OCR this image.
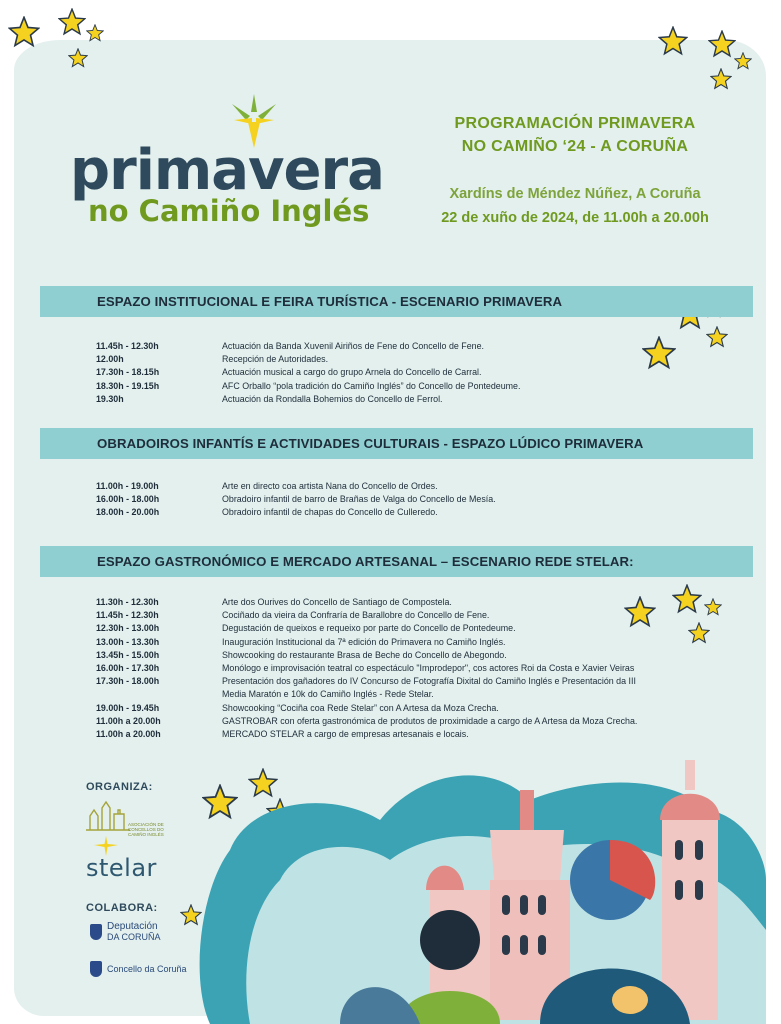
primavera
no Camiño Inglés
PROGRAMACIÓN PRIMAVERA
NO CAMIÑO ‘24 - A CORUÑA
Xardíns de Méndez Núñez, A Coruña
22 de xuño de 2024, de 11.00h a 20.00h
ESPAZO INSTITUCIONAL E FEIRA TURÍSTICA - ESCENARIO PRIMAVERA
11.45h - 12.30h	Actuación da Banda Xuvenil Airiños de Fene do Concello de Fene.
12.00h	Recepción de Autoridades.
17.30h - 18.15h	Actuación musical a cargo do grupo Arnela do Concello de Carral.
18.30h - 19.15h	AFC Orballo “pola tradición do Camiño Inglés” do Concello de Pontedeume.
19.30h	Actuación da Rondalla Bohemios do Concello de Ferrol.
OBRADOIROS INFANTÍS E ACTIVIDADES CULTURAIS - ESPAZO LÚDICO PRIMAVERA
11.00h - 19.00h	Arte en directo coa artista Nana do Concello de Ordes.
16.00h - 18.00h	Obradoiro infantil de barro de Brañas de Valga do Concello de Mesía.
18.00h - 20.00h	Obradoiro infantil de chapas do Concello de Culleredo.
ESPAZO GASTRONÓMICO E MERCADO ARTESANAL – ESCENARIO REDE STELAR:
11.30h - 12.30h	Arte dos Ourives do Concello de Santiago de Compostela.
11.45h - 12.30h	Cociñado da vieira da Confraría de Barallobre do Concello de Fene.
12.30h - 13.00h	Degustación de queixos e requeixo por parte do Concello de Pontedeume.
13.00h - 13.30h	Inauguración Institucional da 7ª edición do Primavera no Camiño Inglés.
13.45h - 15.00h	Showcooking do restaurante Brasa de Beche do Concello de Abegondo.
16.00h - 17.30h	Monólogo e improvisación teatral co espectáculo "Improdepor", cos actores Roi da Costa e Xavier Veiras
17.30h - 18.00h	Presentación dos gañadores do IV Concurso de Fotografía Dixital do Camiño Inglés e Presentación da III
Media Maratón e 10k do Camiño Inglés - Rede Stelar.
19.00h - 19.45h	Showcooking “Cociña coa Rede Stelar” con A Artesa da Moza Crecha.
11.00h a 20.00h	GASTROBAR con oferta gastronómica de produtos de proximidade a cargo de A Artesa da Moza Crecha.
11.00h a 20.00h	MERCADO STELAR a cargo de empresas artesanais e locais.
ORGANIZA:
ASOCIACIÓN DE CONCELLOS DO CAMIÑO INGLÉS
stelar
COLABORA:
Deputación
DA CORUÑA
Concello da Coruña
